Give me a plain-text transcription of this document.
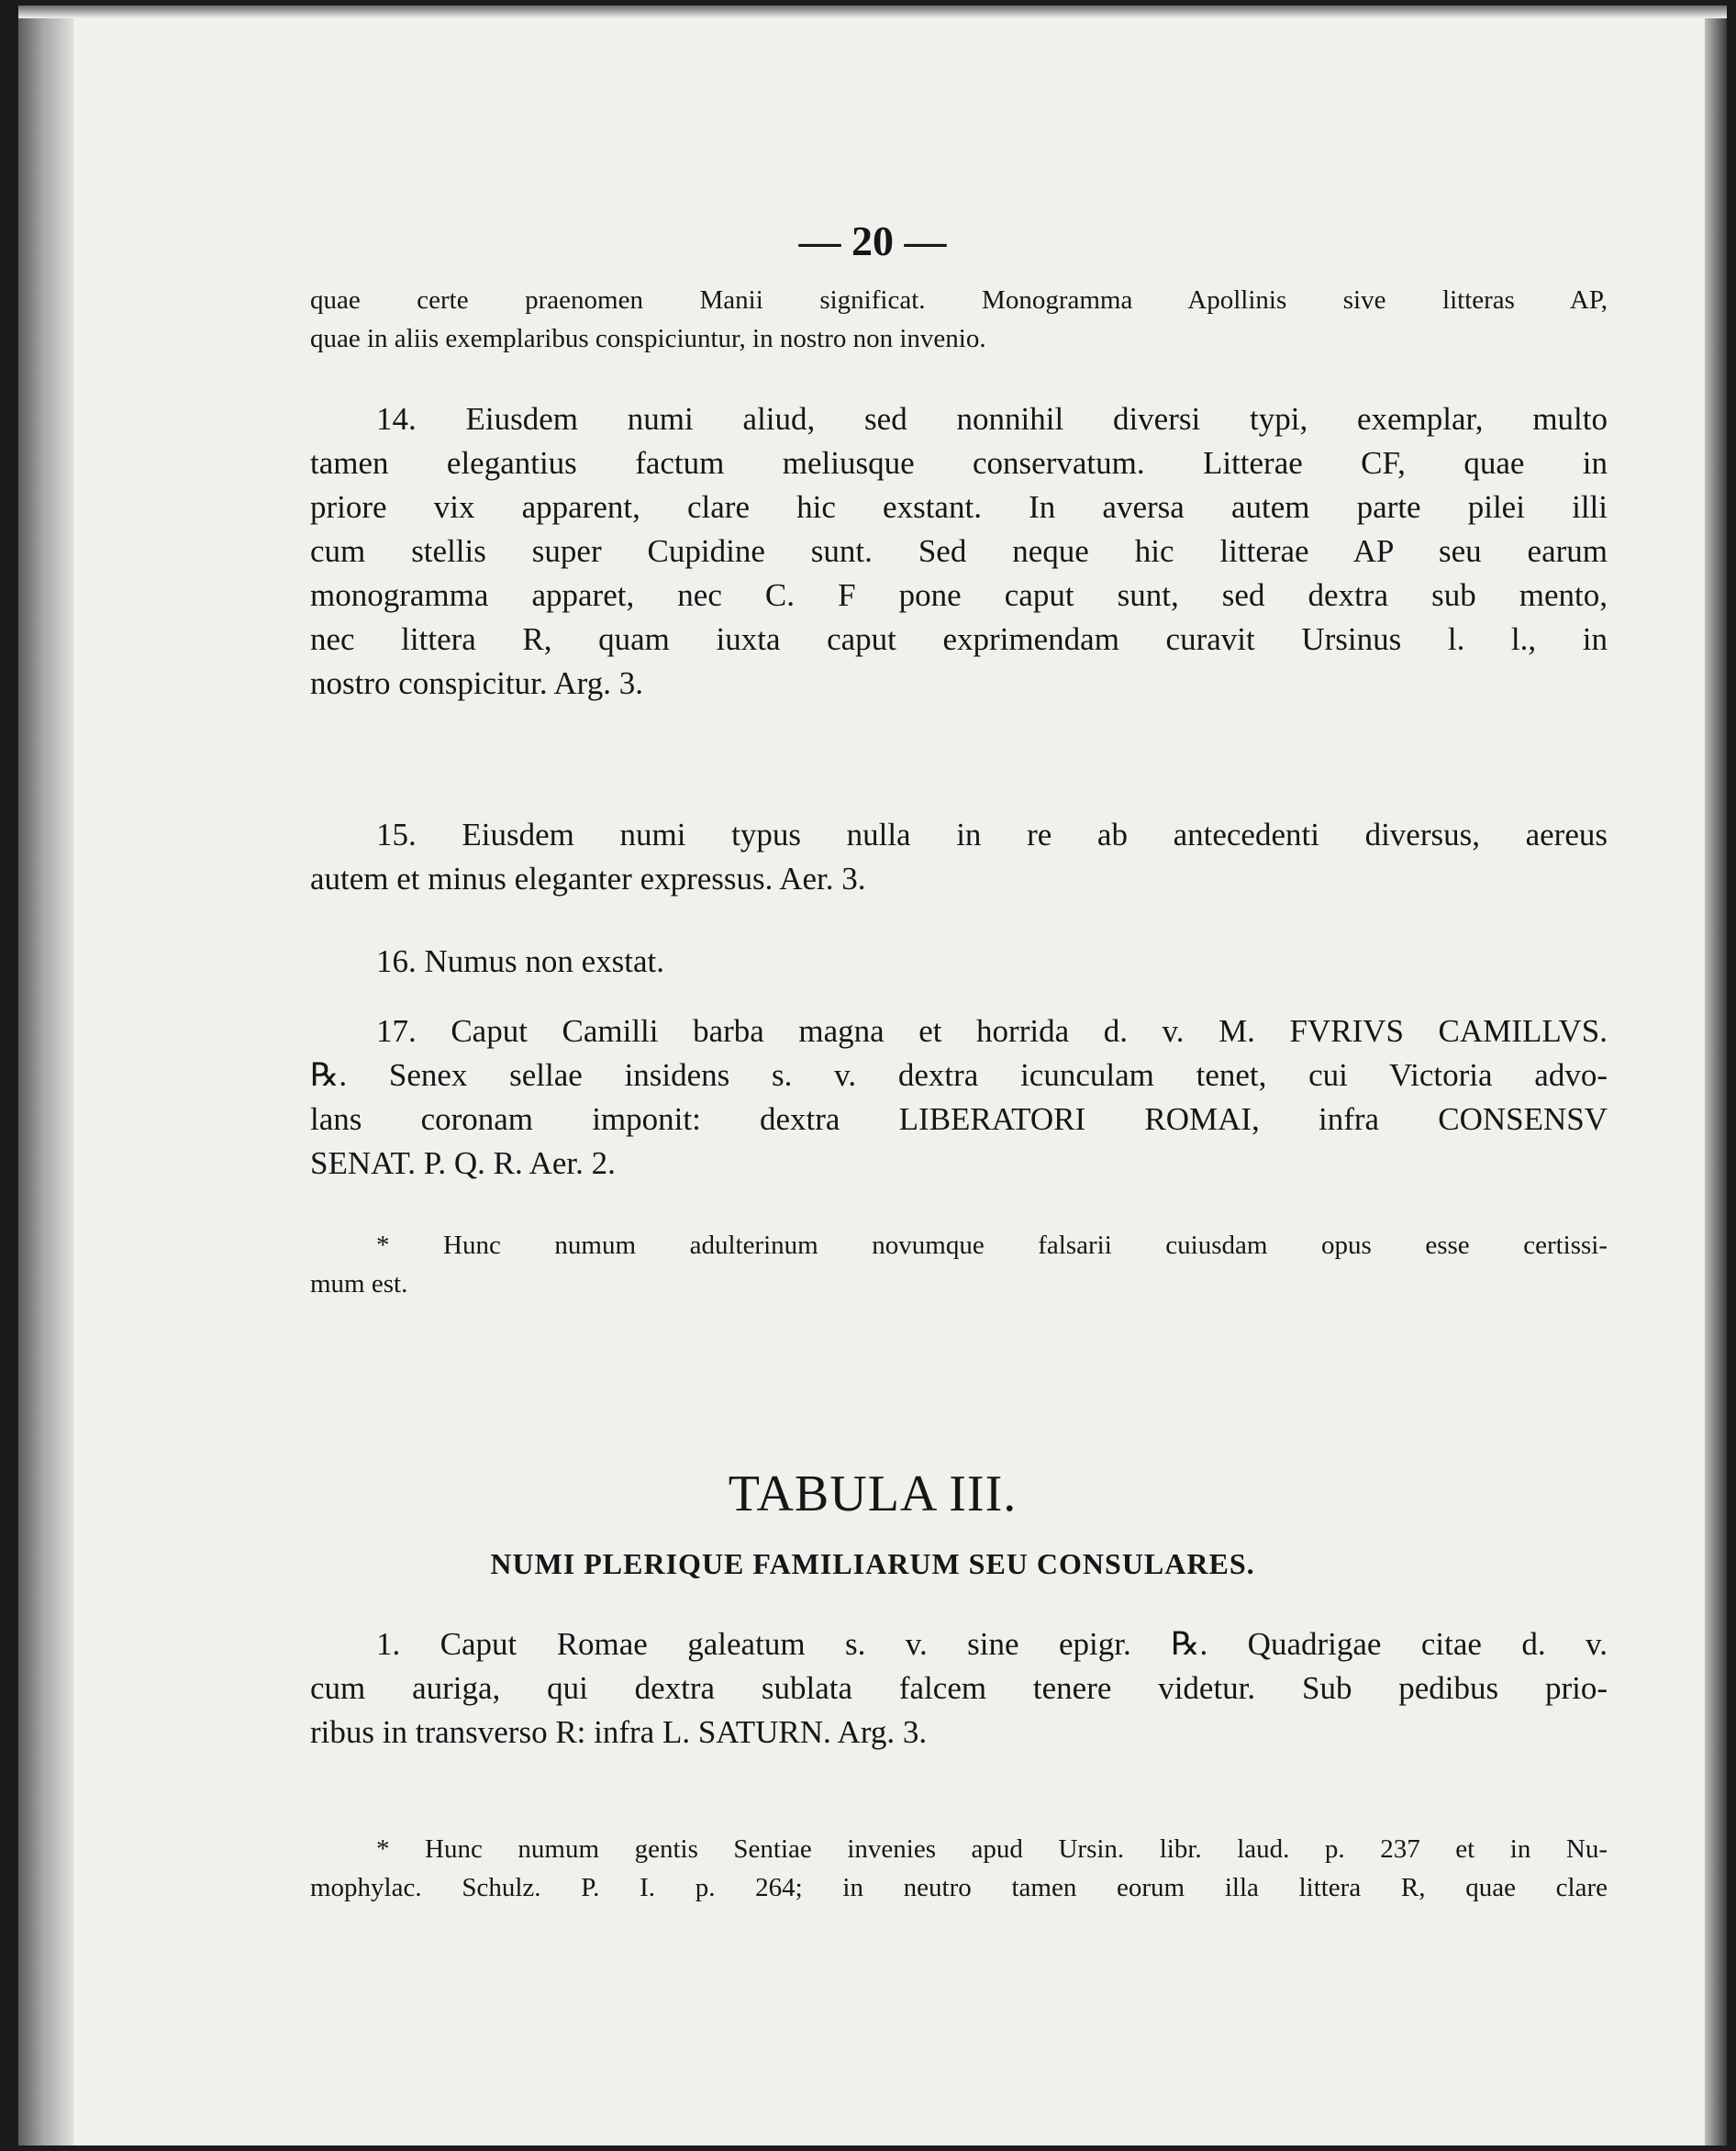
— 20 —
quae certe praenomen Manii significat. Monogramma Apollinis sive litteras AP,
quae in aliis exemplaribus conspiciuntur, in nostro non invenio.
14. Eiusdem numi aliud, sed nonnihil diversi typi, exemplar, multo
tamen elegantius factum meliusque conservatum. Litterae CF, quae in
priore vix apparent, clare hic exstant. In aversa autem parte pilei illi
cum stellis super Cupidine sunt. Sed neque hic litterae AP seu earum
monogramma apparet, nec C. F pone caput sunt, sed dextra sub mento,
nec littera R, quam iuxta caput exprimendam curavit Ursinus l. l., in
nostro conspicitur. Arg. 3.
15. Eiusdem numi typus nulla in re ab antecedenti diversus, aereus
autem et minus eleganter expressus. Aer. 3.
16. Numus non exstat.
17. Caput Camilli barba magna et horrida d. v. M. FVRIVS CAMILLVS.
℞. Senex sellae insidens s. v. dextra icunculam tenet, cui Victoria advo-
lans coronam imponit: dextra LIBERATORI ROMAI, infra CONSENSV
SENAT. P. Q. R. Aer. 2.
* Hunc numum adulterinum novumque falsarii cuiusdam opus esse certissi-
mum est.
TABULA III.
NUMI PLERIQUE FAMILIARUM SEU CONSULARES.
1. Caput Romae galeatum s. v. sine epigr. ℞. Quadrigae citae d. v.
cum auriga, qui dextra sublata falcem tenere videtur. Sub pedibus prio-
ribus in transverso R: infra L. SATURN. Arg. 3.
* Hunc numum gentis Sentiae invenies apud Ursin. libr. laud. p. 237 et in Nu-
mophylac. Schulz. P. I. p. 264; in neutro tamen eorum illa littera R, quae clare
